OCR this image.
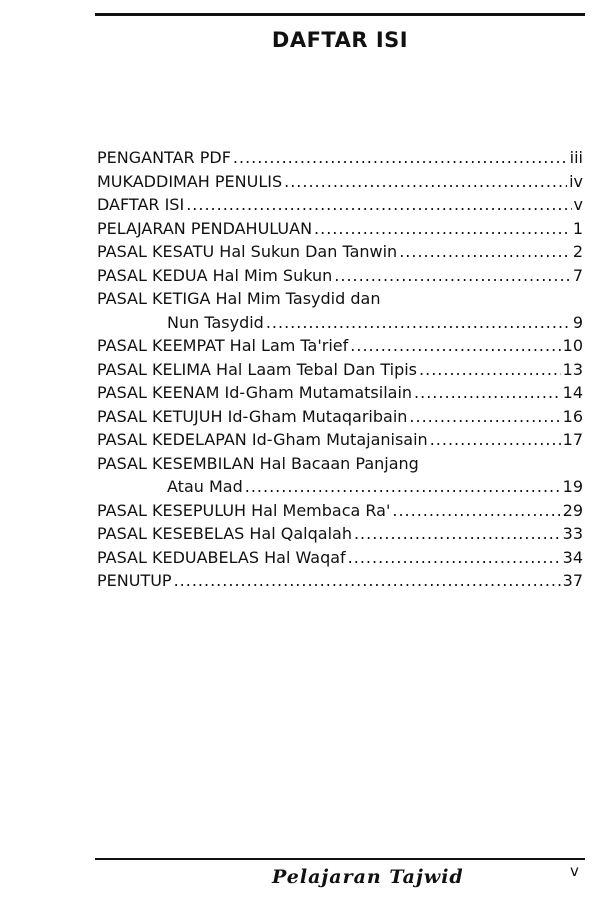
DAFTAR ISI
PENGANTAR PDF .....	iii
MUKADDIMAH PENULIS .....	iv
DAFTAR ISI .....	v
PELAJARAN PENDAHULUAN .....	1
PASAL KESATU Hal Sukun Dan Tanwin .....	2
PASAL KEDUA Hal Mim Sukun .....	7
PASAL KETIGA Hal Mim Tasydid dan
Nun Tasydid .....	9
PASAL KEEMPAT Hal Lam Ta'rief .....	10
PASAL KELIMA Hal Laam Tebal Dan Tipis .....	13
PASAL KEENAM Id-Gham Mutamatsilain .....	14
PASAL KETUJUH Id-Gham Mutaqaribain .....	16
PASAL KEDELAPAN Id-Gham Mutajanisain .....	17
PASAL KESEMBILAN Hal Bacaan Panjang
Atau Mad .....	19
PASAL KESEPULUH Hal Membaca Ra' .....	29
PASAL KESEBELAS Hal Qalqalah .....	33
PASAL KEDUABELAS Hal Waqaf .....	34
PENUTUP .....	37
Pelajaran Tajwid	v
